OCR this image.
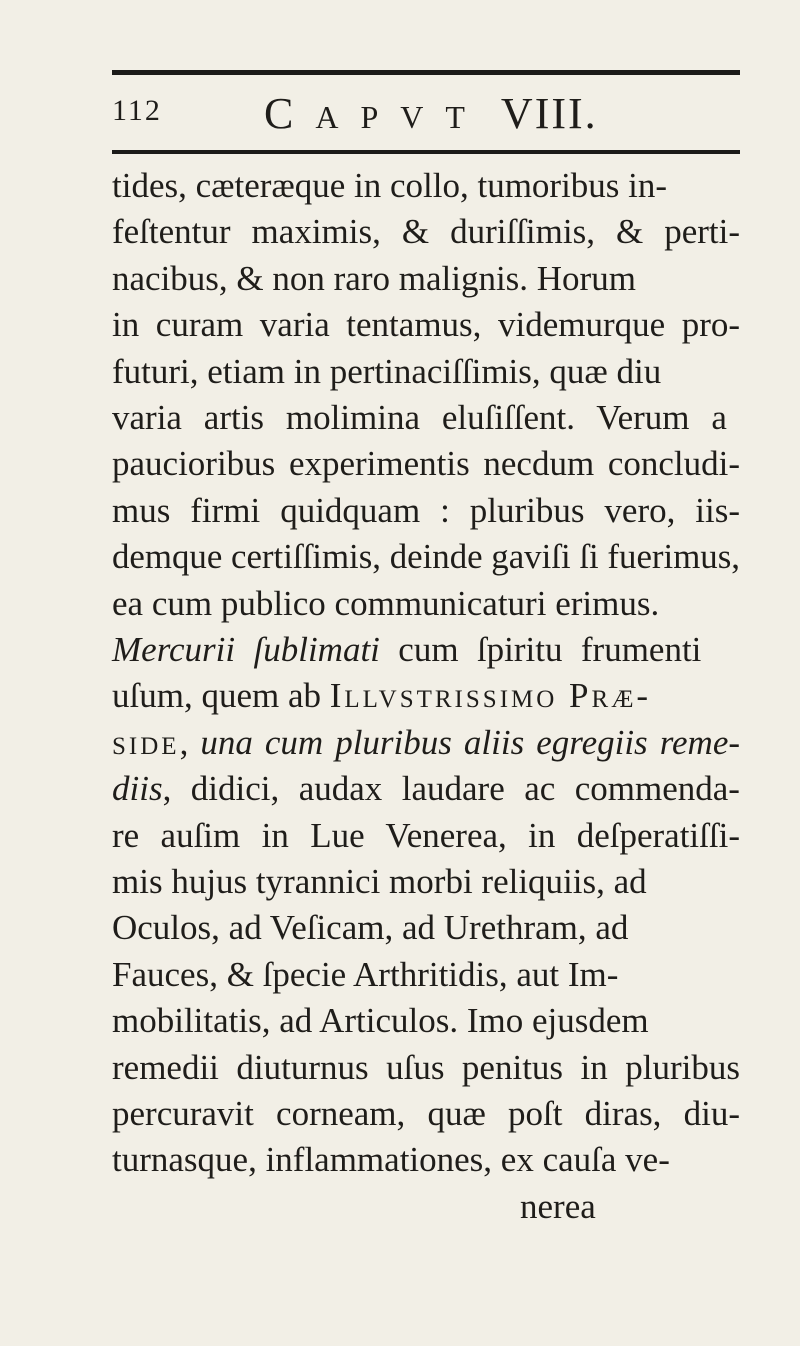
112 CAPVT VIII.
tides, cæteræque in collo, tumoribus in-
feſtentur maximis, & duriſſimis, & perti-
nacibus, & non raro malignis. Horum
in curam varia tentamus, videmurque pro-
futuri, etiam in pertinaciſſimis, quæ diu
varia artis molimina eluſiſſent. Verum a
paucioribus experimentis necdum concludi-
mus firmi quidquam : pluribus vero, iis-
demque certiſſimis, deinde gaviſi ſi fuerimus,
ea cum publico communicaturi erimus.
Mercurii ſublimati cum ſpiritu frumenti
uſum, quem ab Illvstrissimo Præ-
side, una cum pluribus aliis egregiis reme-
diis, didici, audax laudare ac commenda-
re auſim in Lue Venerea, in deſperatiſſi-
mis hujus tyrannici morbi reliquiis, ad
Oculos, ad Veſicam, ad Urethram, ad
Fauces, & ſpecie Arthritidis, aut Im-
mobilitatis, ad Articulos. Imo ejusdem
remedii diuturnus uſus penitus in pluribus
percuravit corneam, quæ poſt diras, diu-
turnasque, inflammationes, ex cauſa ve-
nerea
